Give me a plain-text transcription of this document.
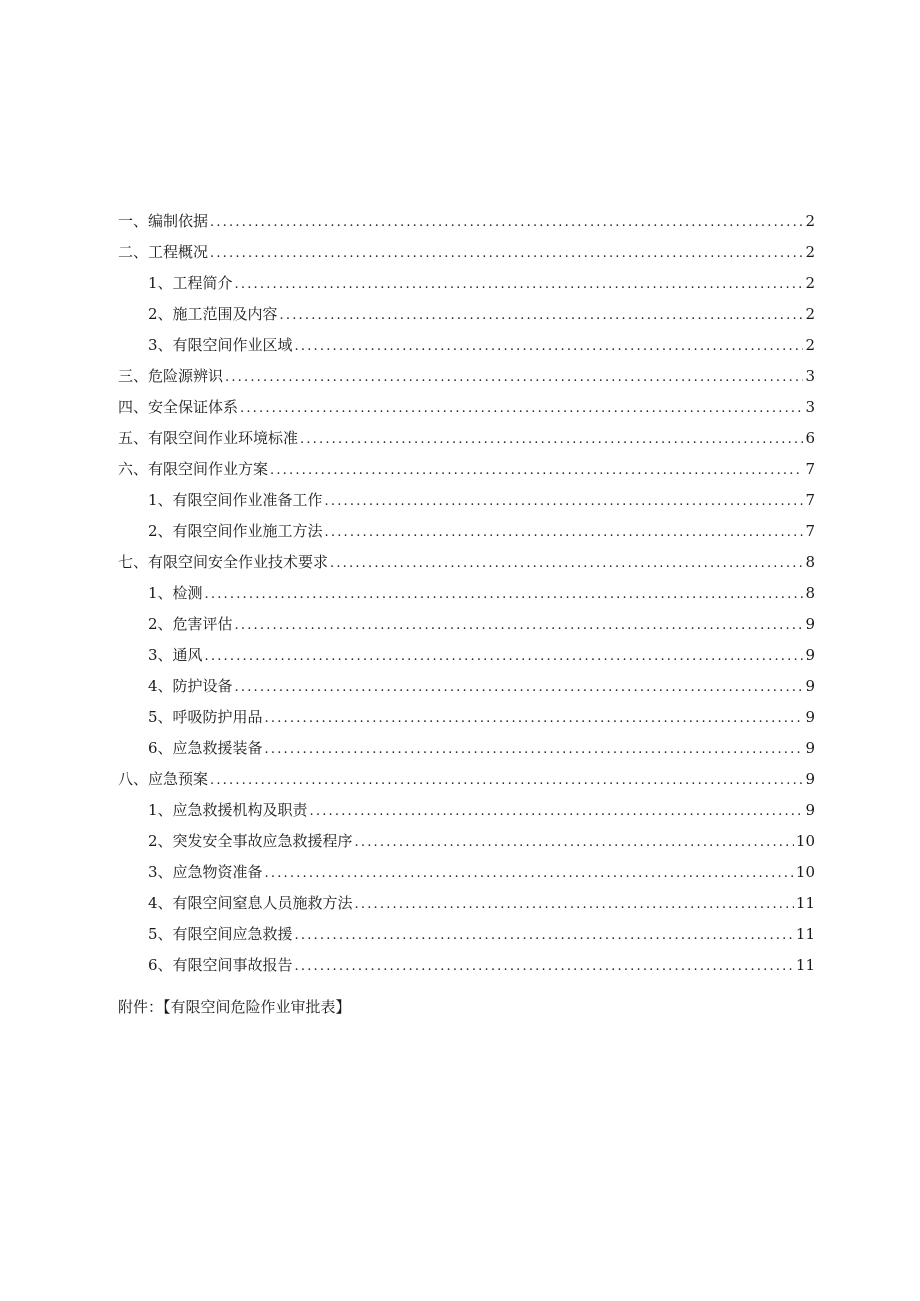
一、编制依据 .....	2
二、工程概况 .....	2
1、工程简介 .....	2
2、施工范围及内容 .....	2
3、有限空间作业区域 .....	2
三、危险源辨识 .....	3
四、安全保证体系 .....	3
五、有限空间作业环境标准 .....	6
六、有限空间作业方案 .....	7
1、有限空间作业准备工作 .....	7
2、有限空间作业施工方法 .....	7
七、有限空间安全作业技术要求 .....	8
1、检测 .....	8
2、危害评估 .....	9
3、通风 .....	9
4、防护设备 .....	9
5、呼吸防护用品 .....	9
6、应急救援装备 .....	9
八、应急预案 .....	9
1、应急救援机构及职责 .....	9
2、突发安全事故应急救援程序 .....	10
3、应急物资准备 .....	10
4、有限空间窒息人员施救方法 .....	11
5、有限空间应急救援 .....	11
6、有限空间事故报告 .....	11
附件：【有限空间危险作业审批表】
